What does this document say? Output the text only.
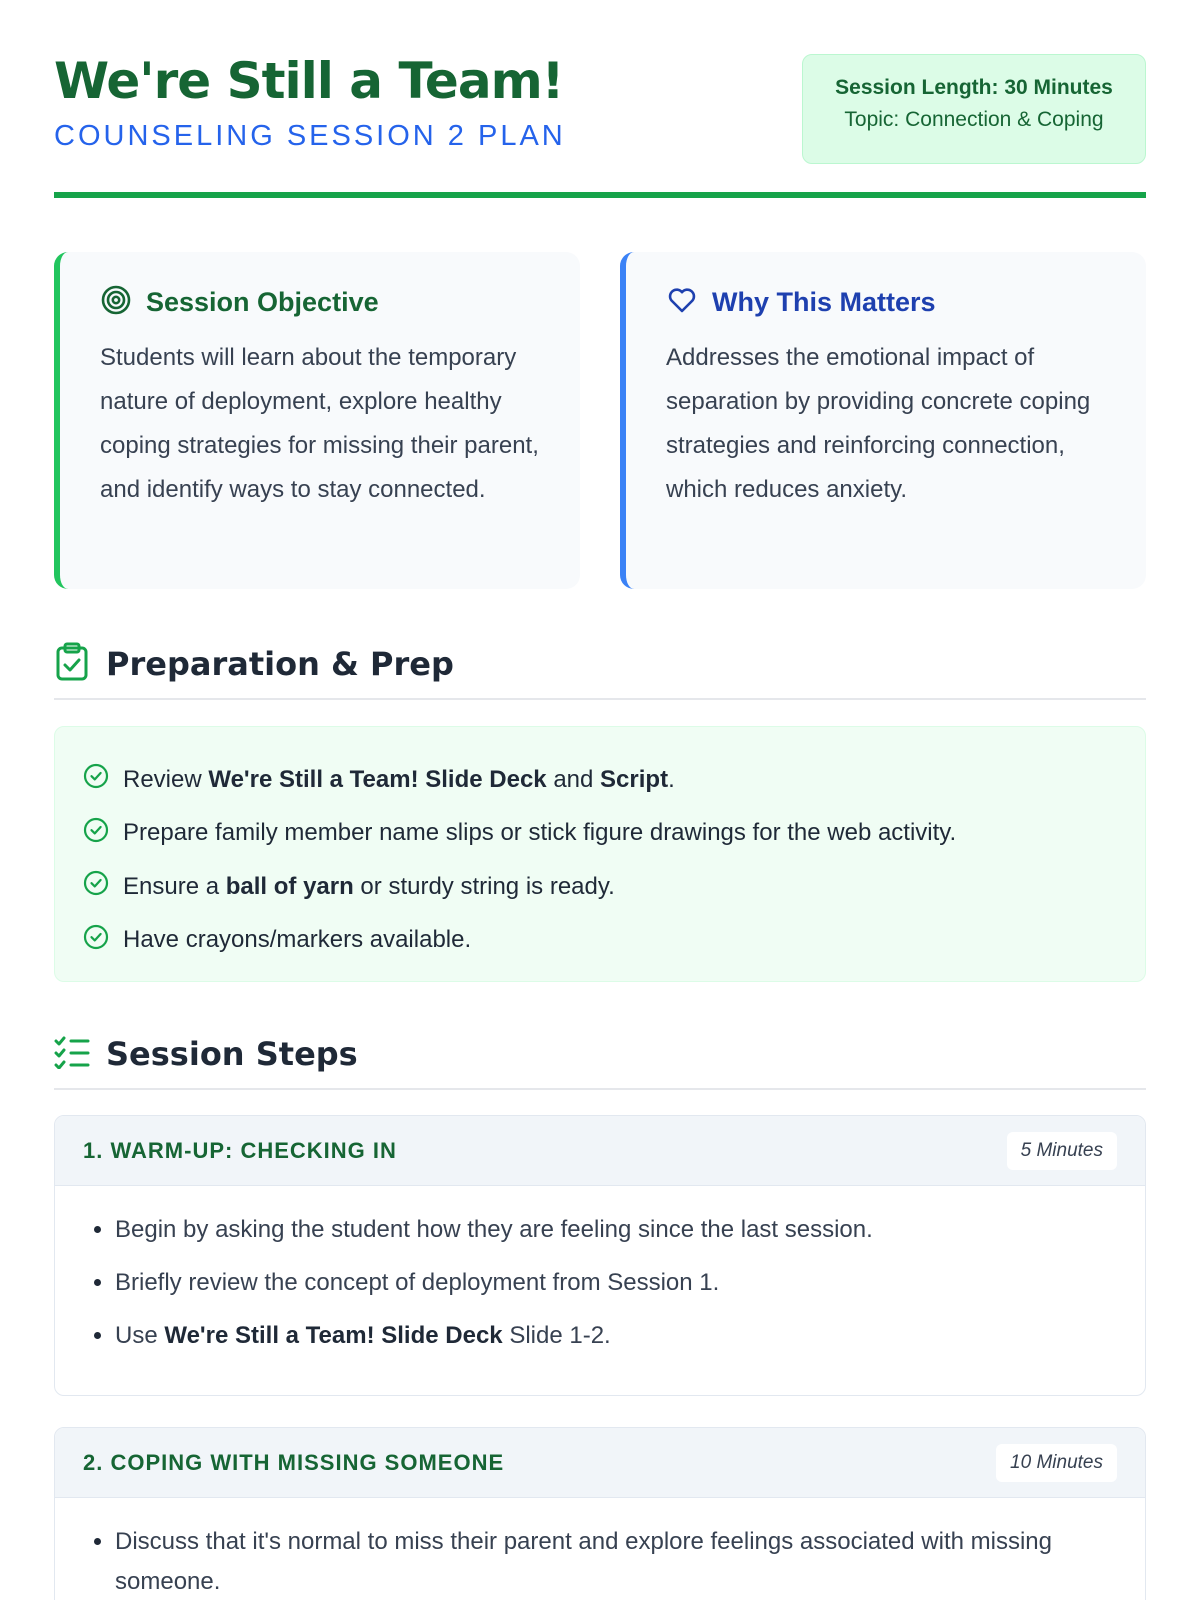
We're Still a Team!
COUNSELING SESSION 2 PLAN
Session Length: 30 Minutes
Topic: Connection & Coping
Session Objective
Students will learn about the temporary nature of deployment, explore healthy coping strategies for missing their parent, and identify ways to stay connected.
Why This Matters
Addresses the emotional impact of separation by providing concrete coping strategies and reinforcing connection, which reduces anxiety.
Preparation & Prep
Review We're Still a Team! Slide Deck and Script.
Prepare family member name slips or stick figure drawings for the web activity.
Ensure a ball of yarn or sturdy string is ready.
Have crayons/markers available.
Session Steps
1. WARM-UP: CHECKING IN	5 Minutes
• Begin by asking the student how they are feeling since the last session.
• Briefly review the concept of deployment from Session 1.
• Use We're Still a Team! Slide Deck Slide 1-2.
2. COPING WITH MISSING SOMEONE	10 Minutes
• Discuss that it's normal to miss their parent and explore feelings associated with missing someone.
